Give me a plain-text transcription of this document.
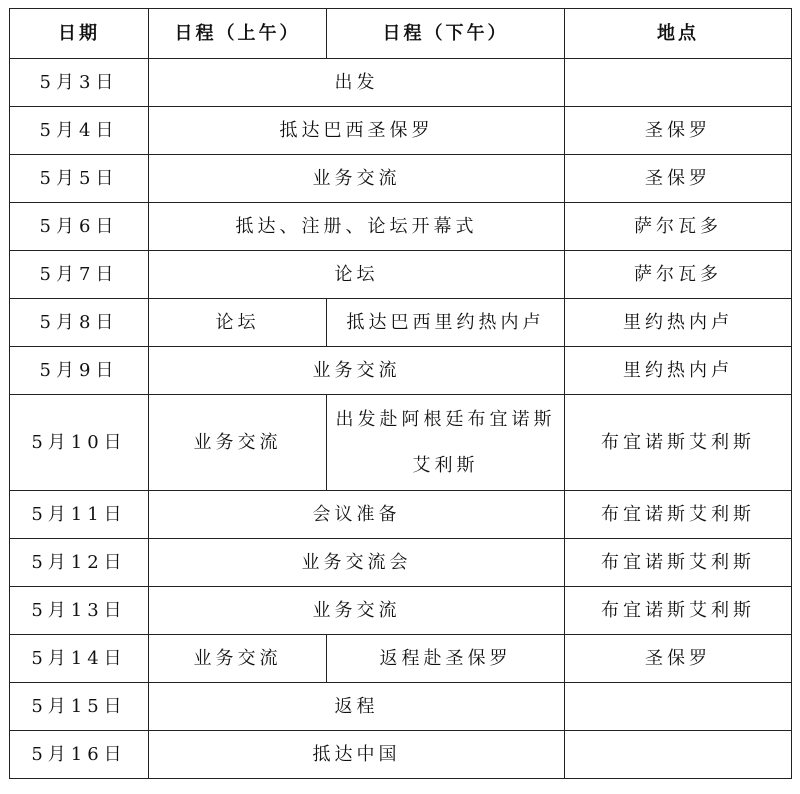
日期	日程（上午）	日程（下午）	地点
5月3日	出发		
5月4日	抵达巴西圣保罗		圣保罗
5月5日	业务交流		圣保罗
5月6日	抵达、注册、论坛开幕式		萨尔瓦多
5月7日	论坛		萨尔瓦多
5月8日	论坛	抵达巴西里约热内卢	里约热内卢
5月9日	业务交流		里约热内卢
5月10日	业务交流	出发赴阿根廷布宜诺斯艾利斯	布宜诺斯艾利斯
5月11日	会议准备		布宜诺斯艾利斯
5月12日	业务交流会		布宜诺斯艾利斯
5月13日	业务交流		布宜诺斯艾利斯
5月14日	业务交流	返程赴圣保罗	圣保罗
5月15日	返程		
5月16日	抵达中国		
